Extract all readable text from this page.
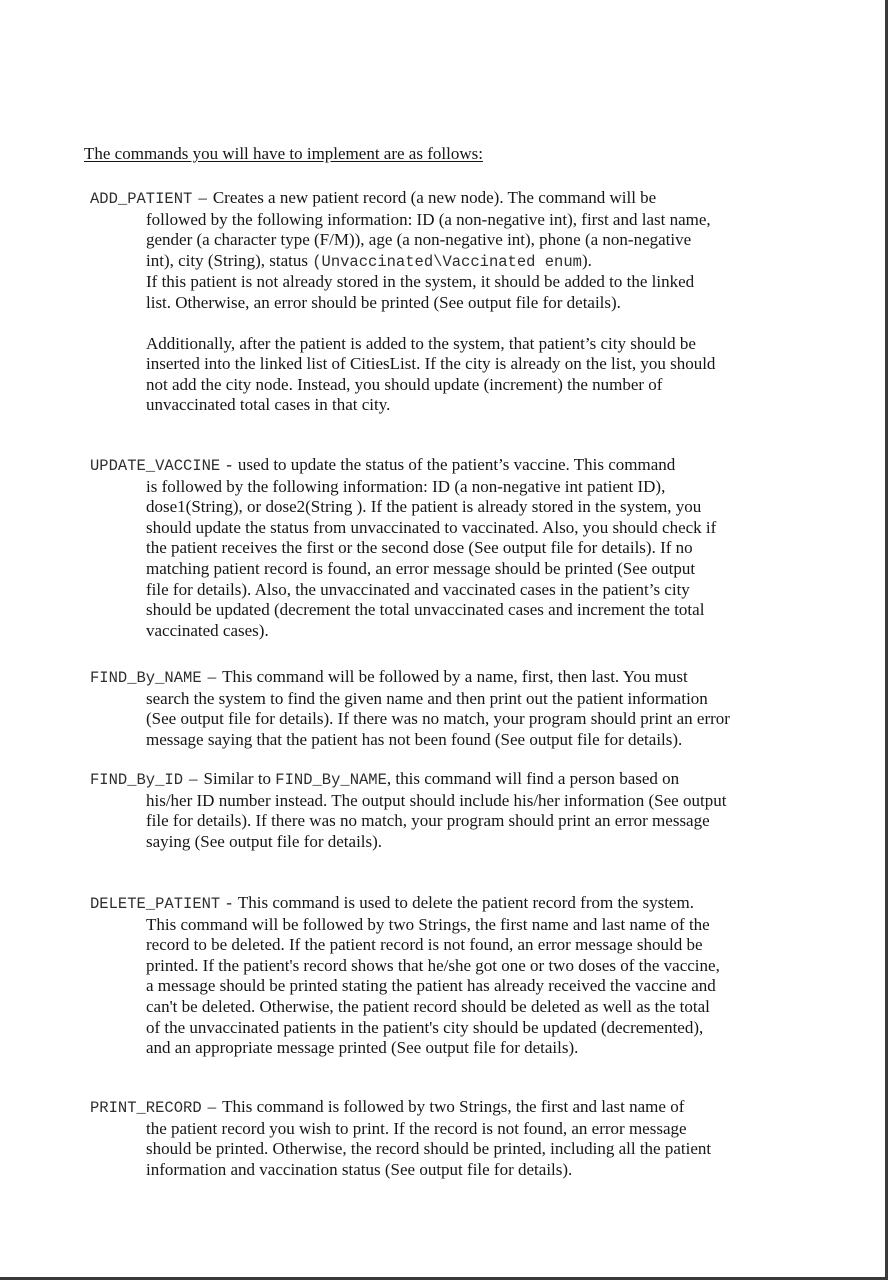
The commands you will have to implement are as follows:

ADD_PATIENT – Creates a new patient record (a new node). The command will be

followed by the following information: ID (a non-negative int), first and last name,
gender (a character type (F/M)), age (a non-negative int), phone (a non-negative
int), city (String), status (Unvaccinated\Vaccinated enum).
If this patient is not already stored in the system, it should be added to the linked
list. Otherwise, an error should be printed (See output file for details).
Additionally, after the patient is added to the system, that patient’s city should be
inserted into the linked list of CitiesList. If the city is already on the list, you should
not add the city node. Instead, you should update (increment) the number of
unvaccinated total cases in that city.

UPDATE_VACCINE - used to update the status of the patient’s vaccine. This command

is followed by the following information: ID (a non-negative int patient ID),
dose1(String), or dose2(String ). If the patient is already stored in the system, you
should update the status from unvaccinated to vaccinated. Also, you should check if
the patient receives the first or the second dose (See output file for details). If no
matching patient record is found, an error message should be printed (See output
file for details). Also, the unvaccinated and vaccinated cases in the patient’s city
should be updated (decrement the total unvaccinated cases and increment the total
vaccinated cases).

FIND_By_NAME – This command will be followed by a name, first, then last. You must

search the system to find the given name and then print out the patient information
(See output file for details). If there was no match, your program should print an error
message saying that the patient has not been found (See output file for details).

FIND_By_ID – Similar to FIND_By_NAME, this command will find a person based on

his/her ID number instead. The output should include his/her information (See output
file for details). If there was no match, your program should print an error message
saying (See output file for details).

DELETE_PATIENT - This command is used to delete the patient record from the system.

This command will be followed by two Strings, the first name and last name of the
record to be deleted. If the patient record is not found, an error message should be
printed. If the patient's record shows that he/she got one or two doses of the vaccine,
a message should be printed stating the patient has already received the vaccine and
can't be deleted. Otherwise, the patient record should be deleted as well as the total
of the unvaccinated patients in the patient's city should be updated (decremented),
and an appropriate message printed (See output file for details).

PRINT_RECORD – This command is followed by two Strings, the first and last name of

the patient record you wish to print. If the record is not found, an error message
should be printed. Otherwise, the record should be printed, including all the patient
information and vaccination status (See output file for details).
